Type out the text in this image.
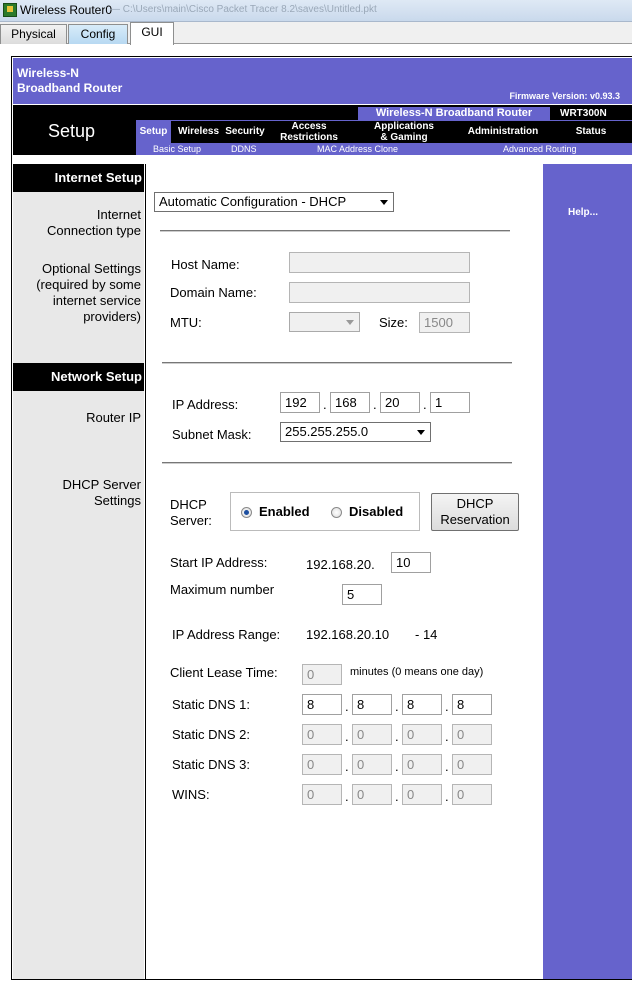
Wireless Router0
— C:\Users\main\Cisco Packet Tracer 8.2\saves\Untitled.pkt
Physical	Config	GUI
Wireless-N
Broadband Router
Firmware Version: v0.93.3
Setup
Wireless-N Broadband Router	WRT300N
Setup	Wireless Security	Access
Restrictions
Applications
& Gaming
Administration	Status
Basic Setup	DDNS	MAC Address Clone	Advanced Routing
Internet Setup
Internet
Connection type
Optional Settings
(required by some
internet service
providers)
Network Setup
Router IP
DHCP Server
Settings
Automatic Configuration - DHCP
Host Name:
Domain Name:
MTU:	Size:	1500
IP Address:	192	. 168	. 20	. 1
Subnet Mask:	255.255.255.0
DHCP
Server:
Enabled	Disabled
DHCP
Reservation
Start IP Address:	192.168.20.	10
Maximum number	5
IP Address Range: 192.168.20.10 - 14
Client Lease Time:	0	minutes (0 means one day)
Static DNS 1:	8	. 8	. 8	. 8
Static DNS 2:	0	. 0	. 0	. 0
Static DNS 3:	0	. 0	. 0	. 0
WINS:	0	. 0	. 0	. 0
Help...
